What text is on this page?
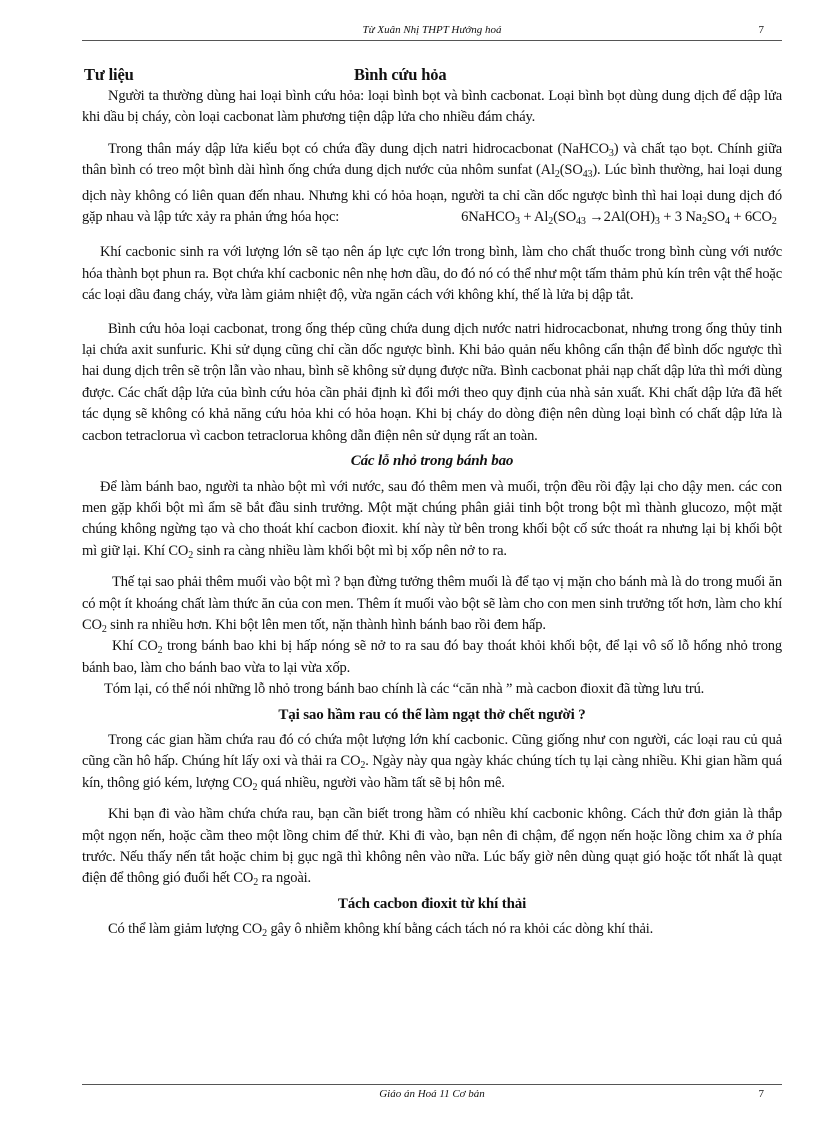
Từ Xuân Nhị THPT Hướng hoá	7
Tư liệu	Bình cứu hỏa

Người ta thường dùng hai loại bình cứu hỏa: loại bình bọt và bình cacbonat. Loại bình bọt dùng dung dịch để dập lửa khi dầu bị cháy, còn loại cacbonat làm phương tiện dập lửa cho nhiều đám cháy.

Trong thân máy dập lửa kiểu bọt có chứa đầy dung dịch natri hidrocacbonat (NaHCO$_3$) và chất tạo bọt. Chính giữa thân bình có treo một bình dài hình ống chứa dung dịch nước của nhôm sunfat ($Al_2(SO_{43})$. Lúc bình thường, hai loại dung dịch này không có liên quan đến nhau. Nhưng khi có hỏa hoạn, người ta chỉ cần dốc ngược bình thì hai loại dung dịch đó gặp nhau và lập tức xảy ra phản ứng hóa học:	6NaHCO$_3$ + $Al_2(SO_{43} \to 2Al(OH)_3 + 3$ $Na_2SO_4 + 6CO_2$

Khí cacbonic sinh ra với lượng lớn sẽ tạo nên áp lực cực lớn trong bình, làm cho chất thuốc trong bình cùng với nước hóa thành bọt phun ra. Bọt chứa khí cacbonic nên nhẹ hơn dầu, do đó nó có thể như một tấm thảm phủ kín trên vật thể hoặc các loại dầu đang cháy, vừa làm giảm nhiệt độ, vừa ngăn cách với không khí, thế là lửa bị dập tắt.

Bình cứu hỏa loại cacbonat, trong ống thép cũng chứa dung dịch nước natri hidrocacbonat, nhưng trong ống thủy tinh lại chứa axit sunfuric. Khi sử dụng cũng chỉ cần dốc ngược bình. Khi bảo quản nếu không cẩn thận để bình dốc ngược thì hai dung dịch trên sẽ trộn lẫn vào nhau, bình sẽ không sử dụng được nữa. Bình cacbonat phải nạp chất dập lửa thì mới dùng được. Các chất dập lửa của bình cứu hỏa cần phải định kì đổi mới theo quy định của nhà sản xuất. Khi chất dập lửa đã hết tác dụng sẽ không có khả năng cứu hỏa khi có hỏa hoạn. Khi bị cháy do dòng điện nên dùng loại bình có chất dập lửa là cacbon tetraclorua vì cacbon tetraclorua không dẫn điện nên sử dụng rất an toàn.

Các lỗ nhỏ trong bánh bao

Để làm bánh bao, người ta nhào bột mì với nước, sau đó thêm men và muối, trộn đều rồi đậy lại cho dậy men. các con men gặp khối bột mì ẩm sẽ bắt đầu sinh trưởng. Một mặt chúng phân giải tinh bột trong bột mì thành glucozo, một mặt chúng không ngừng tạo và cho thoát khí cacbon đioxit. khí này từ bên trong khối bột cố sức thoát ra nhưng lại bị khối bột mì giữ lại. Khí $CO_2$ sinh ra càng nhiều làm khối bột mì bị xốp nên nở to ra.

Thế tại sao phải thêm muối vào bột mì ? bạn đừng tưởng thêm muối là để tạo vị mặn cho bánh mà là do trong muối ăn có một ít khoáng chất làm thức ăn của con men. Thêm ít muối vào bột sẽ làm cho con men sinh trưởng tốt hơn, làm cho khí $CO_2$ sinh ra nhiều hơn. Khi bột lên men tốt, nặn thành hình bánh bao rồi đem hấp.

Khí $CO_2$ trong bánh bao khi bị hấp nóng sẽ nở to ra sau đó bay thoát khỏi khối bột, để lại vô số lỗ hổng nhỏ trong bánh bao, làm cho bánh bao vừa to lại vừa xốp.

Tóm lại, có thể nói những lỗ nhỏ trong bánh bao chính là các “căn nhà ” mà cacbon đioxit đã từng lưu trú.

Tại sao hầm rau có thể làm ngạt thở chết người ?

Trong các gian hầm chứa rau đó có chứa một lượng lớn khí cacbonic. Cũng giống như con người, các loại rau củ quả cũng cần hô hấp. Chúng hít lấy oxi và thải ra $CO_2$. Ngày này qua ngày khác chúng tích tụ lại càng nhiều. Khi gian hầm quá kín, thông gió kém, lượng $CO_2$ quá nhiều, người vào hầm tất sẽ bị hôn mê.

Khi bạn đi vào hầm chứa chứa rau, bạn cần biết trong hầm có nhiều khí cacbonic không. Cách thử đơn giản là thắp một ngọn nến, hoặc cầm theo một lồng chim để thử. Khi đi vào, bạn nên đi chậm, để ngọn nến hoặc lồng chim xa ở phía trước. Nếu thấy nến tắt hoặc chim bị gục ngã thì không nên vào nữa. Lúc bấy giờ nên dùng quạt gió hoặc tốt nhất là quạt điện để thông gió đuổi hết $CO_2$ ra ngoài.

Tách cacbon đioxit từ khí thải

Có thể làm giảm lượng $CO_2$ gây ô nhiễm không khí bằng cách tách nó ra khỏi các dòng khí thải.

Giáo án Hoá 11 Cơ bản	7
